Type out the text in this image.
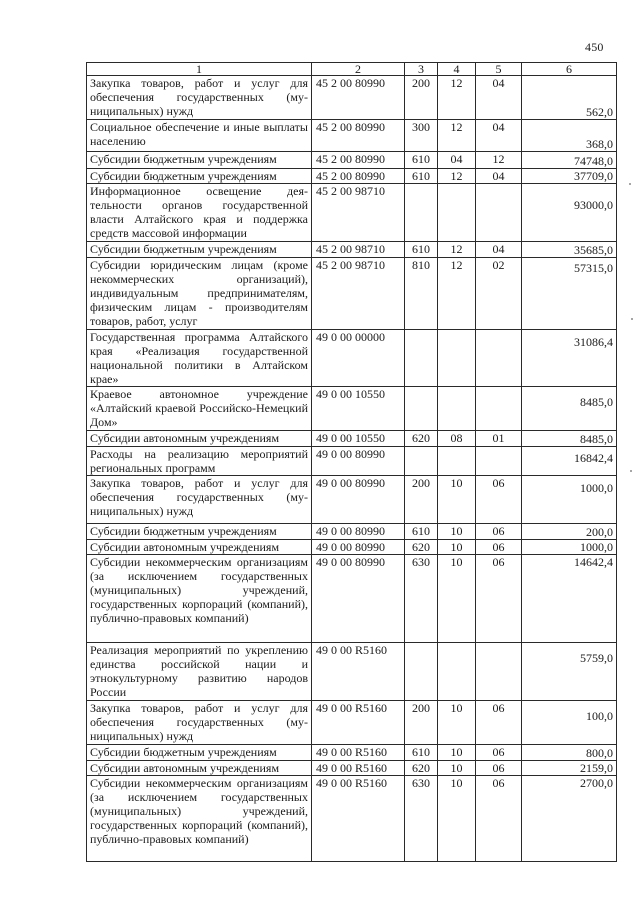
450
1	2	3	4	5	6
Закупка товаров, работ и услуг для обеспечения государственных (муниципальных) нужд	45 2 00 80990	200	12	04	562,0
Социальное обеспечение и иные выплаты населению	45 2 00 80990	300	12	04	368,0
Субсидии бюджетным учреждениям	45 2 00 80990	610	04	12	74748,0
Субсидии бюджетным учреждениям	45 2 00 80990	610	12	04	37709,0
Информационное освещение деятельности органов государственной власти Алтайского края и поддержка средств массовой информации	45 2 00 98710				93000,0
Субсидии бюджетным учреждениям	45 2 00 98710	610	12	04	35685,0
Субсидии юридическим лицам (кроме некоммерческих организаций), индивидуальным предпринимателям, физическим лицам - производителям товаров, работ, услуг	45 2 00 98710	810	12	02	57315,0
Государственная программа Алтайского края «Реализация государственной национальной политики в Алтайском крае»	49 0 00 00000				31086,4
Краевое автономное учреждение «Алтайский краевой Российско-Немецкий Дом»	49 0 00 10550				8485,0
Субсидии автономным учреждениям	49 0 00 10550	620	08	01	8485,0
Расходы на реализацию мероприятий региональных программ	49 0 00 80990				16842,4
Закупка товаров, работ и услуг для обеспечения государственных (муниципальных) нужд	49 0 00 80990	200	10	06	1000,0
Субсидии бюджетным учреждениям	49 0 00 80990	610	10	06	200,0
Субсидии автономным учреждениям	49 0 00 80990	620	10	06	1000,0
Субсидии некоммерческим организациям (за исключением государственных (муниципальных) учреждений, государственных корпораций (компаний), публично-правовых компаний)	49 0 00 80990	630	10	06	14642,4
Реализация мероприятий по укреплению единства российской нации и этнокультурному развитию народов России	49 0 00 R5160				5759,0
Закупка товаров, работ и услуг для обеспечения государственных (муниципальных) нужд	49 0 00 R5160	200	10	06	100,0
Субсидии бюджетным учреждениям	49 0 00 R5160	610	10	06	800,0
Субсидии автономным учреждениям	49 0 00 R5160	620	10	06	2159,0
Субсидии некоммерческим организациям (за исключением государственных (муниципальных) учреждений, государственных корпораций (компаний), публично-правовых компаний)	49 0 00 R5160	630	10	06	2700,0
